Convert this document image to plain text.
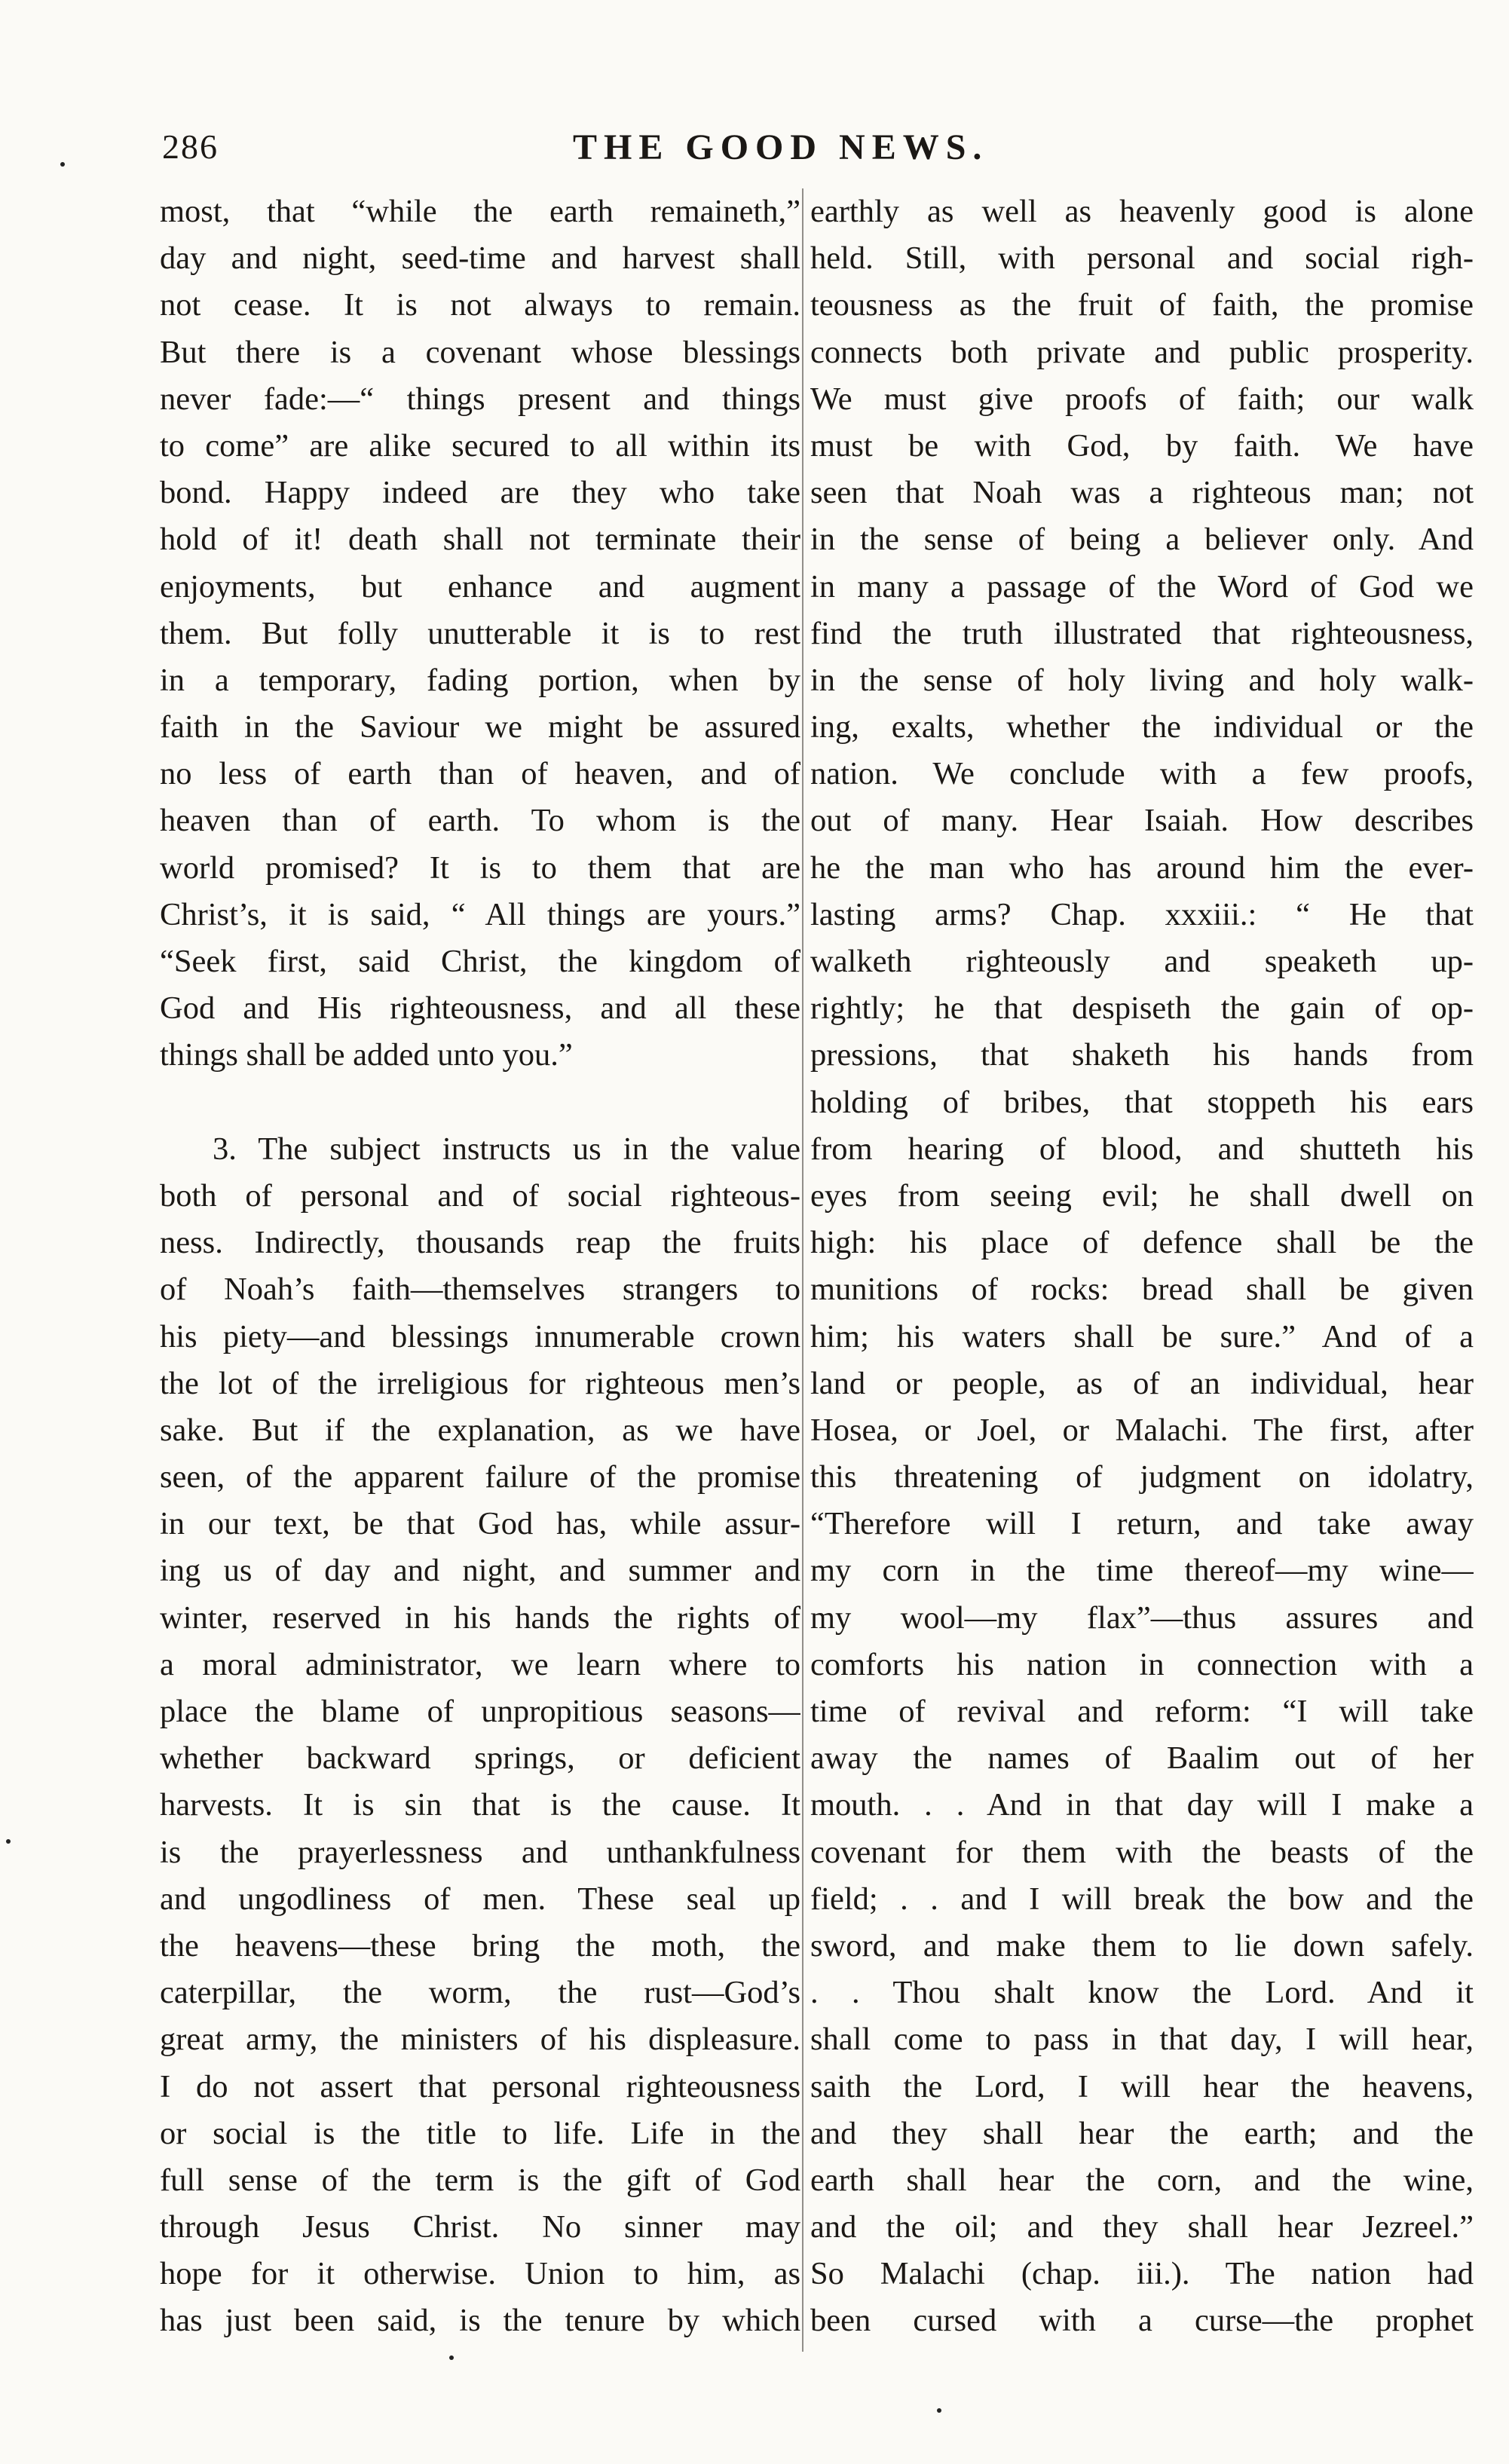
286	THE GOOD NEWS.
most, that “while the earth remaineth,”
day and night, seed-time and harvest shall
not cease. It is not always to remain.
But there is a covenant whose blessings
never fade:—“ things present and things
to come” are alike secured to all within its
bond. Happy indeed are they who take
hold of it! death shall not terminate their
enjoyments, but enhance and augment
them. But folly unutterable it is to rest
in a temporary, fading portion, when by
faith in the Saviour we might be assured
no less of earth than of heaven, and of
heaven than of earth. To whom is the
world promised? It is to them that are
Christ’s, it is said, “ All things are yours.”
“Seek first, said Christ, the kingdom of
God and His righteousness, and all these
things shall be added unto you.”
3. The subject instructs us in the value
both of personal and of social righteous-
ness. Indirectly, thousands reap the fruits
of Noah’s faith—themselves strangers to
his piety—and blessings innumerable crown
the lot of the irreligious for righteous men’s
sake. But if the explanation, as we have
seen, of the apparent failure of the promise
in our text, be that God has, while assur-
ing us of day and night, and summer and
winter, reserved in his hands the rights of
a moral administrator, we learn where to
place the blame of unpropitious seasons—
whether backward springs, or deficient
harvests. It is sin that is the cause. It
is the prayerlessness and unthankfulness
and ungodliness of men. These seal up
the heavens—these bring the moth, the
caterpillar, the worm, the rust—God’s
great army, the ministers of his displeasure.
I do not assert that personal righteousness
or social is the title to life. Life in the
full sense of the term is the gift of God
through Jesus Christ. No sinner may
hope for it otherwise. Union to him, as
has just been said, is the tenure by which
earthly as well as heavenly good is alone
held. Still, with personal and social righ-
teousness as the fruit of faith, the promise
connects both private and public prosperity.
We must give proofs of faith; our walk
must be with God, by faith. We have
seen that Noah was a righteous man; not
in the sense of being a believer only. And
in many a passage of the Word of God we
find the truth illustrated that righteousness,
in the sense of holy living and holy walk-
ing, exalts, whether the individual or the
nation. We conclude with a few proofs,
out of many. Hear Isaiah. How describes
he the man who has around him the ever-
lasting arms? Chap. xxxiii.: “ He that
walketh righteously and speaketh up-
rightly; he that despiseth the gain of op-
pressions, that shaketh his hands from
holding of bribes, that stoppeth his ears
from hearing of blood, and shutteth his
eyes from seeing evil; he shall dwell on
high: his place of defence shall be the
munitions of rocks: bread shall be given
him; his waters shall be sure.” And of a
land or people, as of an individual, hear
Hosea, or Joel, or Malachi. The first, after
this threatening of judgment on idolatry,
“Therefore will I return, and take away
my corn in the time thereof—my wine—
my wool—my flax”—thus assures and
comforts his nation in connection with a
time of revival and reform: “I will take
away the names of Baalim out of her
mouth. . . And in that day will I make a
covenant for them with the beasts of the
field; . . and I will break the bow and the
sword, and make them to lie down safely.
. . Thou shalt know the Lord. And it
shall come to pass in that day, I will hear,
saith the Lord, I will hear the heavens,
and they shall hear the earth; and the
earth shall hear the corn, and the wine,
and the oil; and they shall hear Jezreel.”
So Malachi (chap. iii.). The nation had
been cursed with a curse—the prophet
